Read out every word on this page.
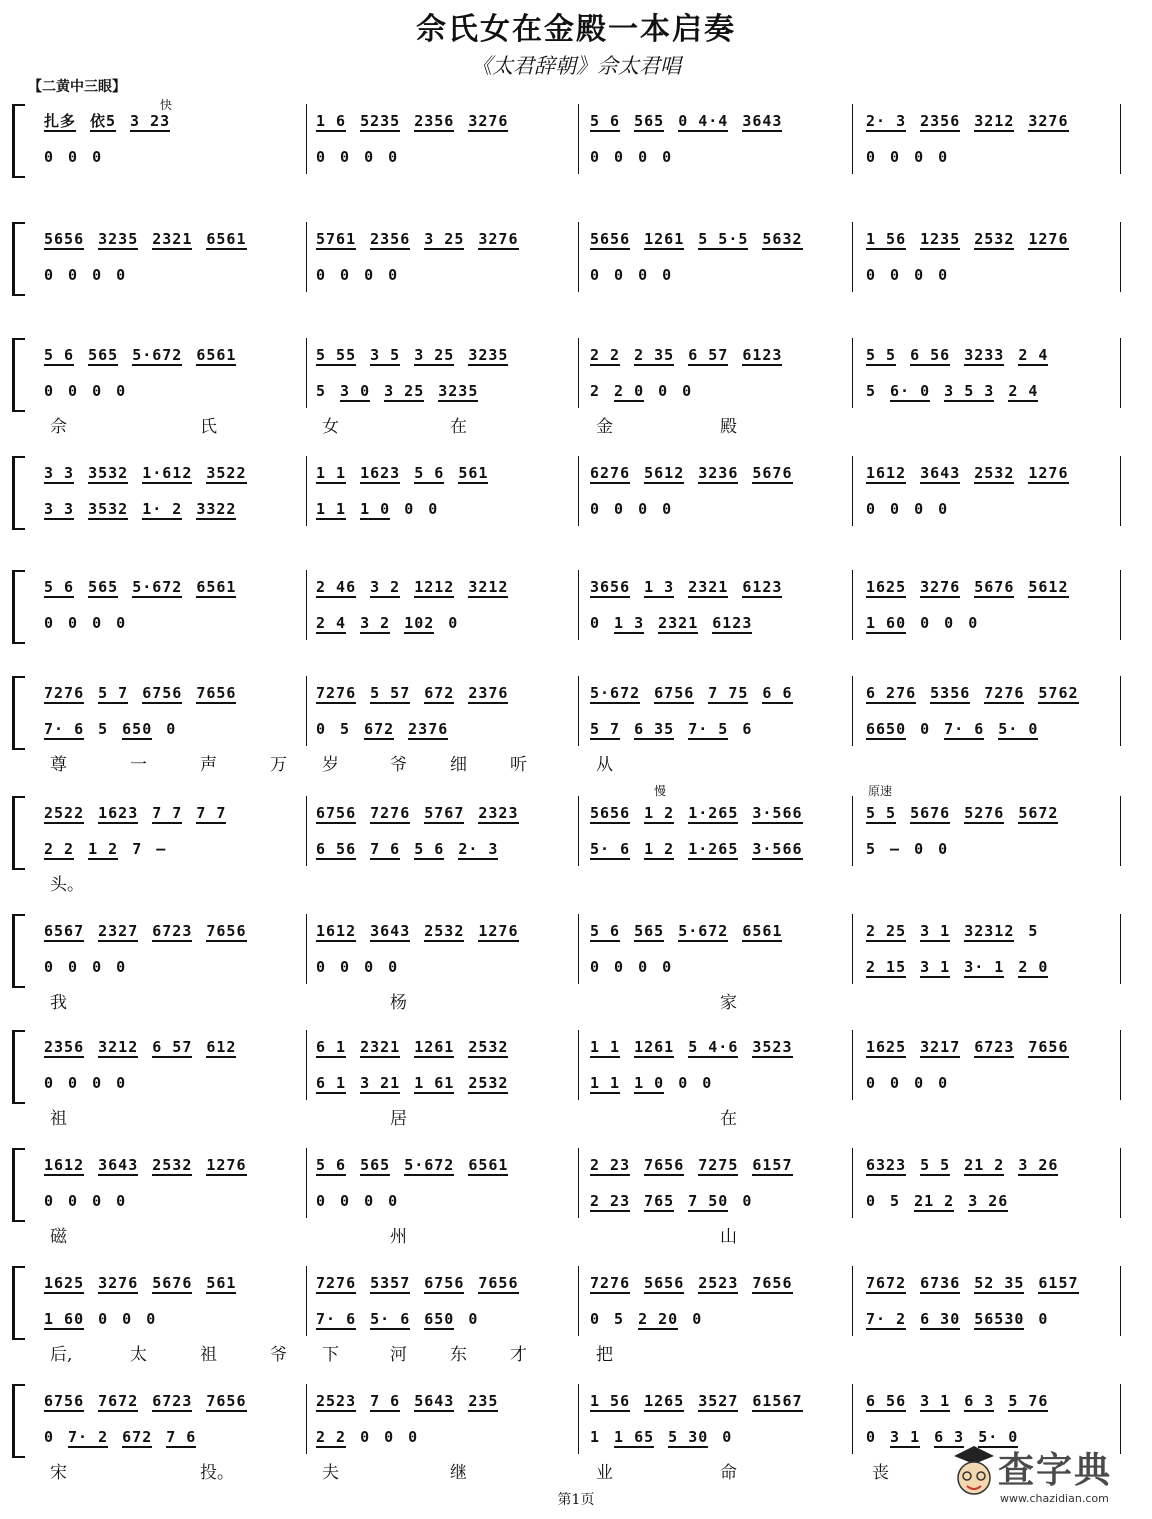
佘氏女在金殿一本启奏
《太君辞朝》佘太君唱
【二黄中三眼】
快
慢	原速
扎多 依5 3 23	1 6 5235 2356 3276	5 6 565 0 4·4 3643	2· 3 2356 3212 3276
0 0 0	0 0 0 0	0 0 0 0	0 0 0 0
5656 3235 2321 6561	5761 2356 3 25 3276	5656 1261 5 5·5 5632	1 56 1235 2532 1276
0 0 0 0	0 0 0 0	0 0 0 0	0 0 0 0
5 6 565 5·672 6561	5 55 3 5 3 25 3235	2 2 2 35 6 57 6123	5 5 6 56 3233 2 4
0 0 0 0	5 3 0 3 25 3235	2 2 0 0 0	5 6· 0 3 5 3 2 4
佘	氏	女	在	金	殿
3 3 3532 1·612 3522	1 1 1623 5 6 561	6276 5612 3236 5676	1612 3643 2532 1276
3 3 3532 1· 2 3322	1 1 1 0 0 0	0 0 0 0	0 0 0 0
5 6 565 5·672 6561	2 46 3 2 1212 3212	3656 1 3 2321 6123	1625 3276 5676 5612
0 0 0 0	2 4 3 2 102 0	0 1 3 2321 6123	1 60 0 0 0
7276 5 7 6756 7656	7276 5 57 672 2376	5·672 6756 7 75 6 6	6 276 5356 7276 5762
7· 6 5 650 0	0 5 672 2376	5 7 6 35 7· 5 6	6650 0 7· 6 5· 0
尊	一	声	万 岁	爷	细	听	从
2522 1623 7 7 7 7	6756 7276 5767 2323	5656 1 2 1·265 3·566	5 5 5676 5276 5672
2 2 1 2 7 —	6 56 7 6 5 6 2· 3	5· 6 1 2 1·265 3·566	5 — 0 0
头。
6567 2327 6723 7656	1612 3643 2532 1276	5 6 565 5·672 6561	2 25 3 1 32312 5
0 0 0 0	0 0 0 0	0 0 0 0	2 15 3 1 3· 1 2 0
我	杨	家
2356 3212 6 57 612	6 1 2321 1261 2532	1 1 1261 5 4·6 3523	1625 3217 6723 7656
0 0 0 0	6 1 3 21 1 61 2532	1 1 1 0 0 0	0 0 0 0
祖	居	在
1612 3643 2532 1276	5 6 565 5·672 6561	2 23 7656 7275 6157	6323 5 5 21 2 3 26
0 0 0 0	0 0 0 0	2 23 765 7 50 0	0 5 21 2 3 26
磁	州	山
1625 3276 5676 561	7276 5357 6756 7656	7276 5656 2523 7656	7672 6736 52 35 6157
1 60 0 0 0	7· 6 5· 6 650 0	0 5 2 20 0	7· 2 6 30 56530 0
后,	太	祖	爷 下	河	东	才	把
6756 7672 6723 7656	2523 7 6 5643 235	1 56 1265 3527 61567	6 56 3 1 6 3 5 76
0 7· 2 672 7 6	2 2 0 0 0	1 1 65 5 30 0	0 3 1 6 3 5· 0
宋	投。	夫	继	业	命	丧
第1页
查字典
www.chazidian.com
